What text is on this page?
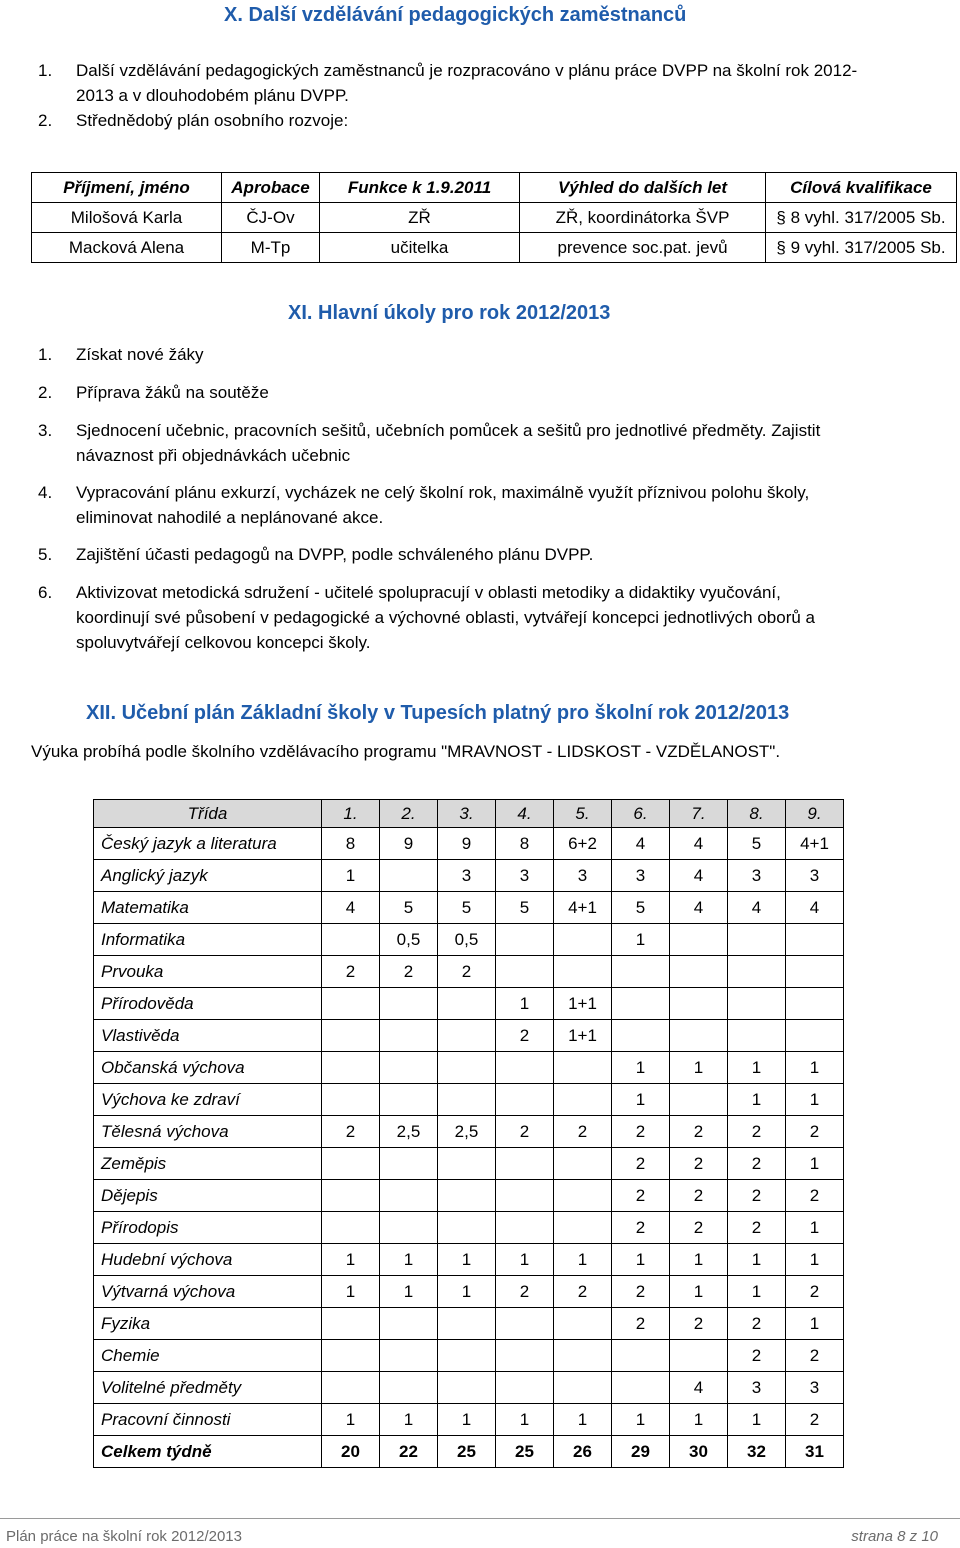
X. Další vzdělávání pedagogických zaměstnanců
1. Další vzdělávání pedagogických zaměstnanců je rozpracováno v plánu práce DVPP na školní rok 2012-
2013 a v dlouhodobém plánu DVPP.
2. Střednědobý plán osobního rozvoje:
Příjmení, jméno	Aprobace	Funkce k 1.9.2011	Výhled do dalších let	Cílová kvalifikace
Milošová Karla	ČJ-Ov	ZŘ	ZŘ, koordinátorka ŠVP	§ 8 vyhl. 317/2005 Sb.
Macková Alena	M-Tp	učitelka	prevence soc.pat. jevů	§ 9 vyhl. 317/2005 Sb.
XI. Hlavní úkoly pro rok 2012/2013
1. Získat nové žáky
2. Příprava žáků na soutěže
3. Sjednocení učebnic, pracovních sešitů, učebních pomůcek a sešitů pro jednotlivé předměty. Zajistit
návaznost při objednávkách učebnic
4. Vypracování plánu exkurzí, vycházek ne celý školní rok, maximálně využít příznivou polohu školy,
eliminovat nahodilé a neplánované akce.
5. Zajištění účasti pedagogů na DVPP, podle schváleného plánu DVPP.
6. Aktivizovat metodická sdružení - učitelé spolupracují v oblasti metodiky a didaktiky vyučování,
koordinují své působení v pedagogické a výchovné oblasti, vytvářejí koncepci jednotlivých oborů a
spoluvytvářejí celkovou koncepci školy.
XII. Učební plán Základní školy v Tupesích platný pro školní rok 2012/2013
Výuka probíhá podle školního vzdělávacího programu "MRAVNOST - LIDSKOST - VZDĚLANOST".
Třída	1.	2.	3.	4.	5.	6.	7.	8.	9.
Český jazyk a literatura	8	9	9	8	6+2	4	4	5	4+1
Anglický jazyk	1		3	3	3	3	4	3	3
Matematika	4	5	5	5	4+1	5	4	4	4
Informatika		0,5	0,5			1			
Prvouka	2	2	2						
Přírodověda				1	1+1				
Vlastivěda				2	1+1				
Občanská výchova						1	1	1	1
Výchova ke zdraví						1		1	1
Tělesná výchova	2	2,5	2,5	2	2	2	2	2	2
Zeměpis						2	2	2	1
Dějepis						2	2	2	2
Přírodopis						2	2	2	1
Hudební výchova	1	1	1	1	1	1	1	1	1
Výtvarná výchova	1	1	1	2	2	2	1	1	2
Fyzika						2	2	2	1
Chemie								2	2
Volitelné předměty							4	3	3
Pracovní činnosti	1	1	1	1	1	1	1	1	2
Celkem týdně	20	22	25	25	26	29	30	32	31
Plán práce na školní rok 2012/2013	strana 8 z 10
